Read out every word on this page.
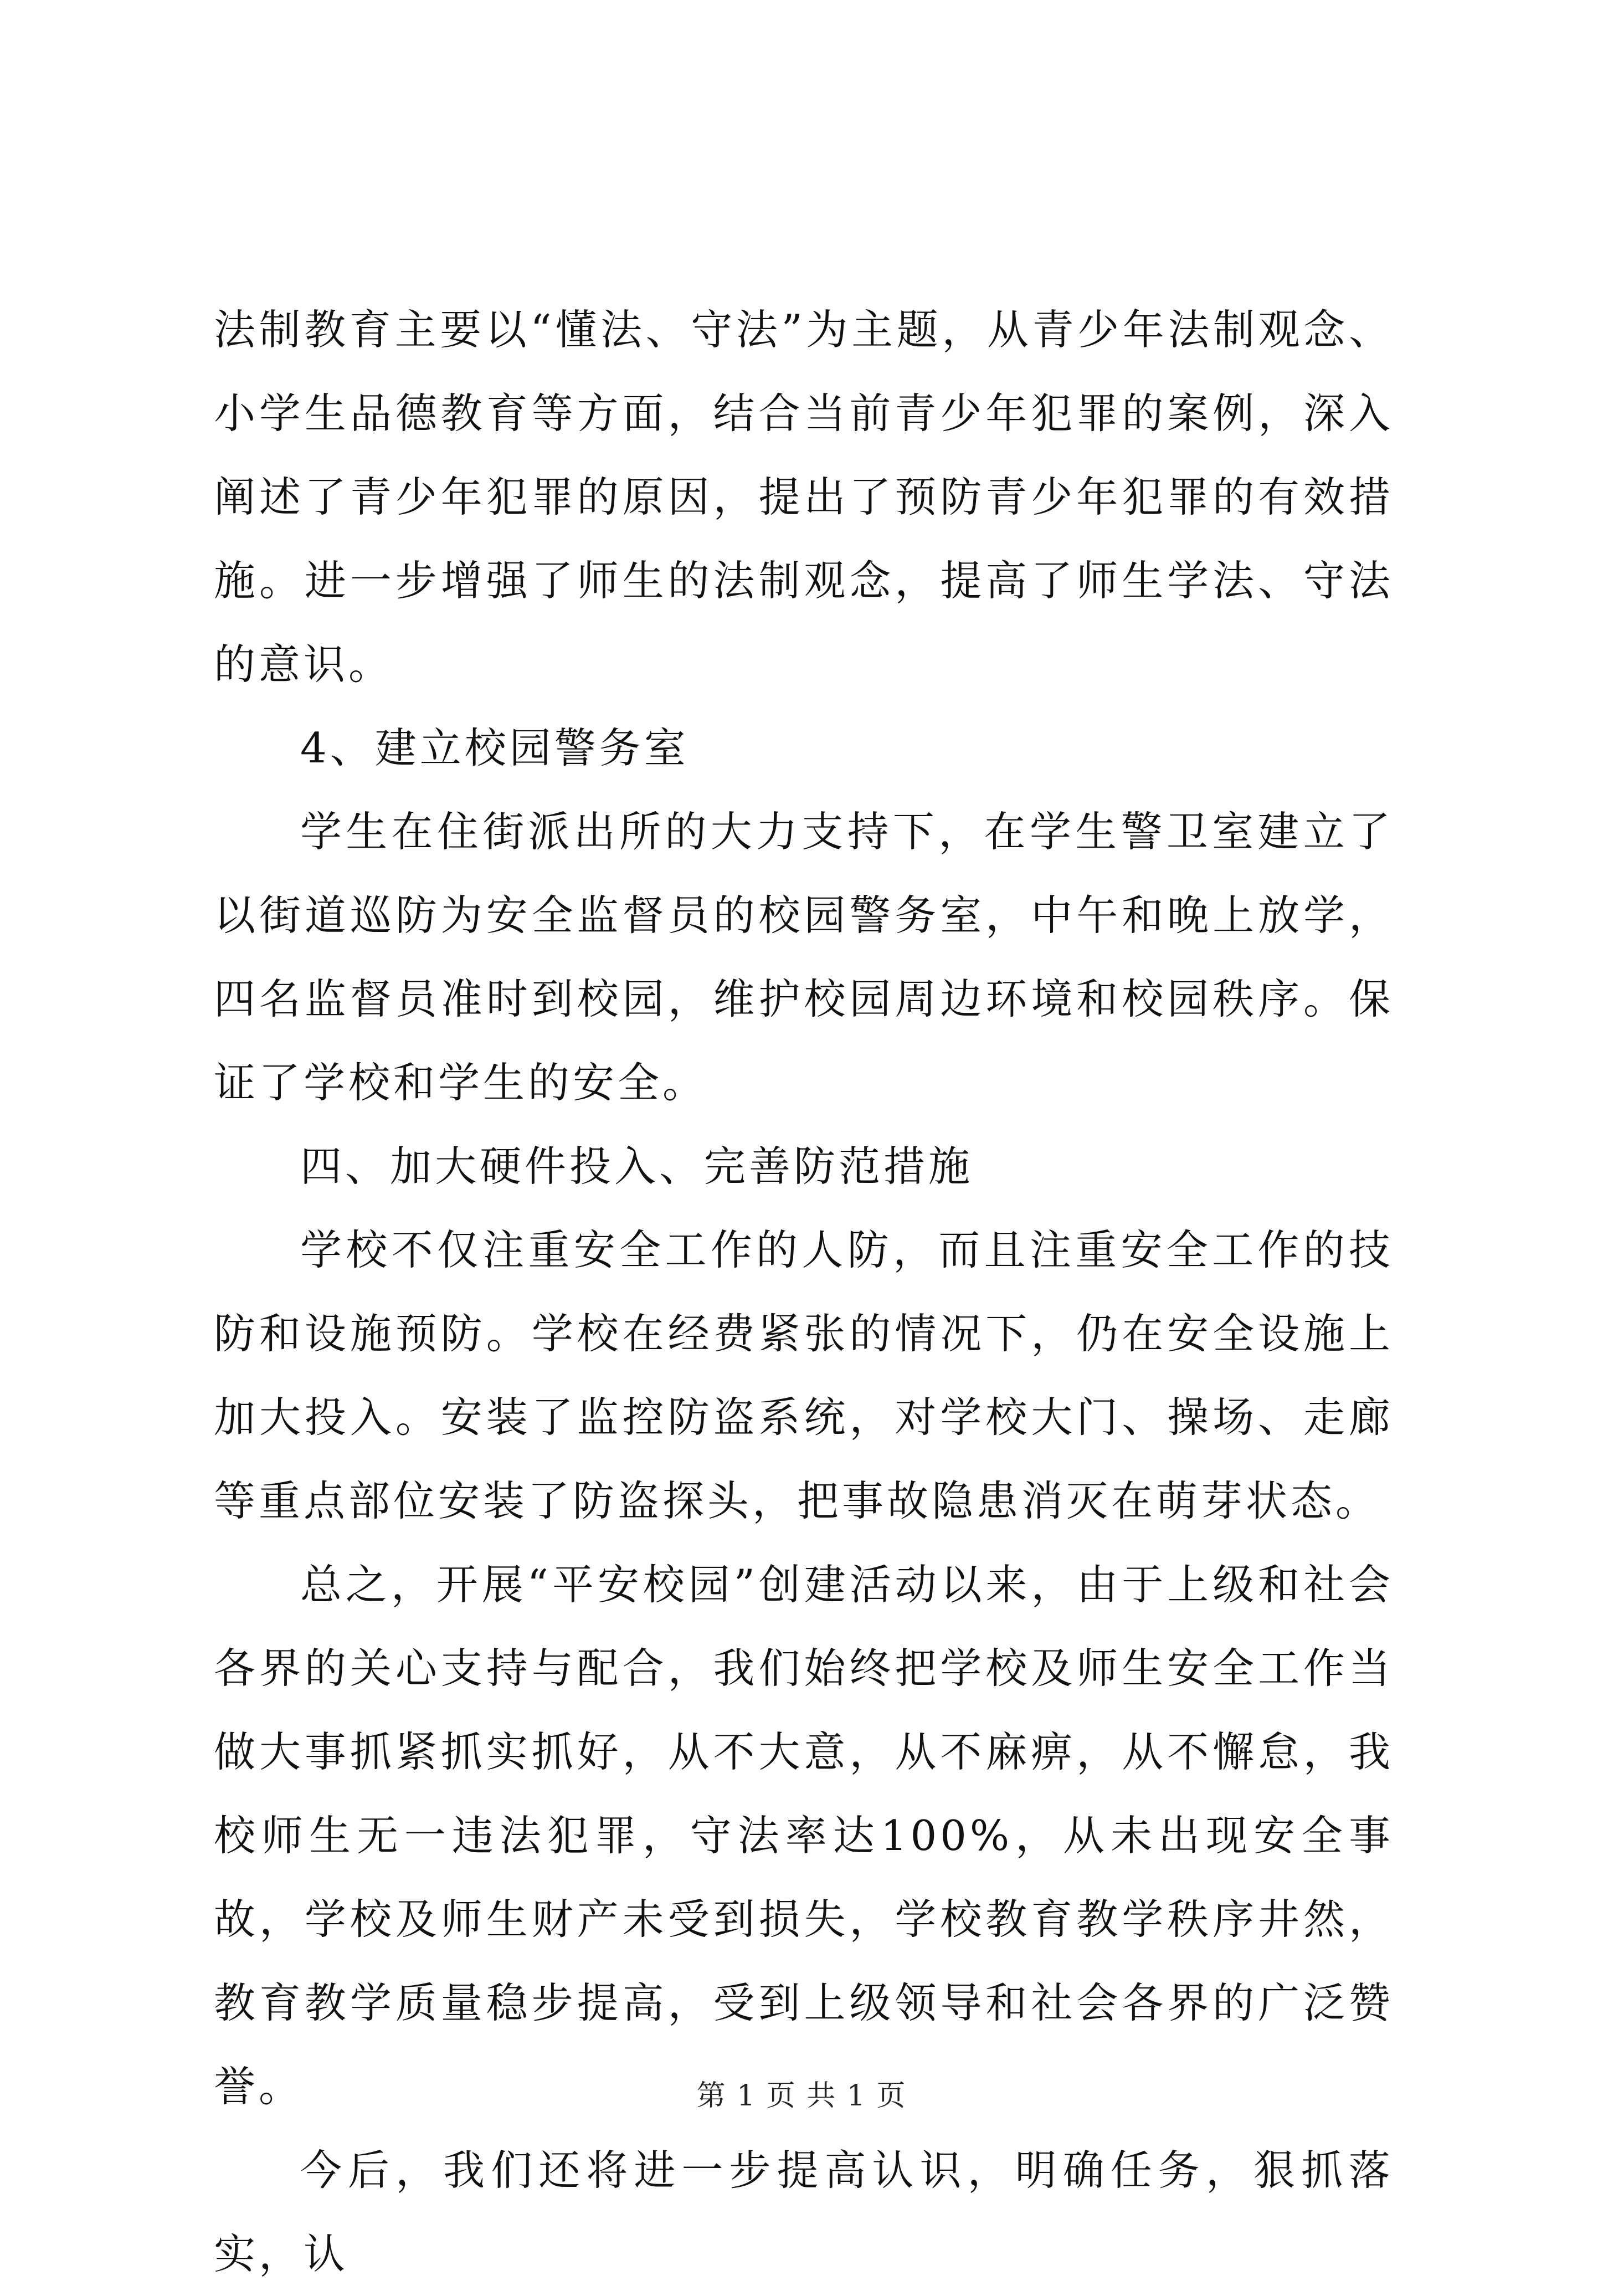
法制教育主要以“懂法、守法”为主题，从青少年法制观念、小学生品德教育等方面，结合当前青少年犯罪的案例，深入阐述了青少年犯罪的原因，提出了预防青少年犯罪的有效措施。进一步增强了师生的法制观念，提高了师生学法、守法的意识。

4、建立校园警务室

学生在住街派出所的大力支持下，在学生警卫室建立了以街道巡防为安全监督员的校园警务室，中午和晚上放学，四名监督员准时到校园，维护校园周边环境和校园秩序。保证了学校和学生的安全。

四、加大硬件投入、完善防范措施

学校不仅注重安全工作的人防，而且注重安全工作的技防和设施预防。学校在经费紧张的情况下，仍在安全设施上加大投入。安装了监控防盗系统，对学校大门、操场、走廊等重点部位安装了防盗探头，把事故隐患消灭在萌芽状态。

总之，开展“平安校园”创建活动以来，由于上级和社会各界的关心支持与配合，我们始终把学校及师生安全工作当做大事抓紧抓实抓好，从不大意，从不麻痹，从不懈怠，我校师生无一违法犯罪，守法率达100%，从未出现安全事故，学校及师生财产未受到损失，学校教育教学秩序井然，教育教学质量稳步提高，受到上级领导和社会各界的广泛赞誉。

今后，我们还将进一步提高认识，明确任务，狠抓落实，认

第 1 页 共 1 页
